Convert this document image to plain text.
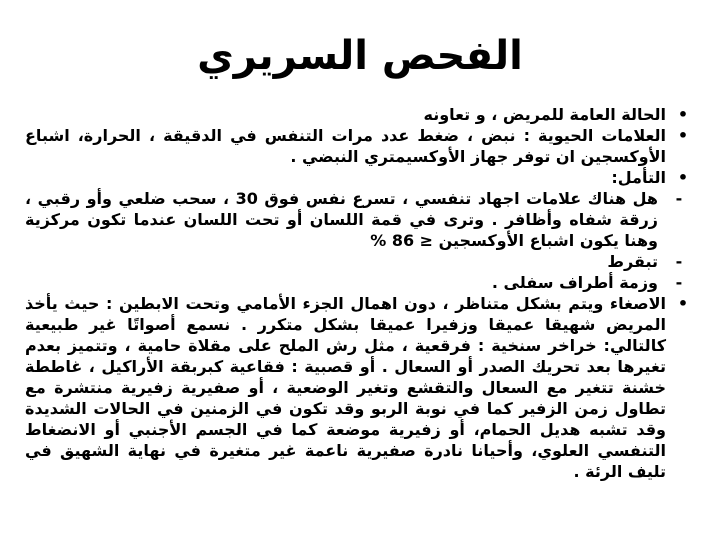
الفحص السريري
•
الحالة العامة للمريض ، و تعاونه
•
العلامات الحيوية : نبض ، ضغط عدد مرات التنفس في الدقيقة ، الحرارة، اشباع الأوكسجين ان توفر جهاز الأوكسيمتري النبضي .
•
التأمل:
-
هل هناك علامات اجهاد تنفسي ، تسرع نفس فوق 30 ، سحب ضلعي وأو رقبي ، زرقة شفاه وأظافر . وترى في قمة اللسان أو تحت اللسان عندما تكون مركزية وهنا يكون اشباع الأوكسجين ≤ 86 %
-
تبقرط
-
وزمة أطراف سفلى .
•
الاصغاء ويتم بشكل متناظر ، دون اهمال الجزء الأمامي وتحت الابطين : حيث يأخذ المريض شهيقا عميقا وزفيرا عميقا بشكل متكرر . نسمع أصواتًا غير طبيعية كالتالي: خراخر سنخية : فرقعية ، مثل رش الملح على مقلاة حامية ، وتتميز بعدم تغيرها بعد تحريك الصدر أو السعال . أو قصبية : فقاعية كبربقة الأراكيل ، غاططة خشنة تتغير مع السعال والتقشع وتغير الوضعية ، أو صفيرية زفيرية منتشرة مع تطاول زمن الزفير كما في نوبة الربو وقد تكون في الزمنين في الحالات الشديدة وقد تشبه هديل الحمام، أو زفيرية موضعة كما في الجسم الأجنبي أو الانضغاط التنفسي العلوي، وأحيانا نادرة صفيرية ناعمة غير متغيرة في نهاية الشهيق في تليف الرئة .
